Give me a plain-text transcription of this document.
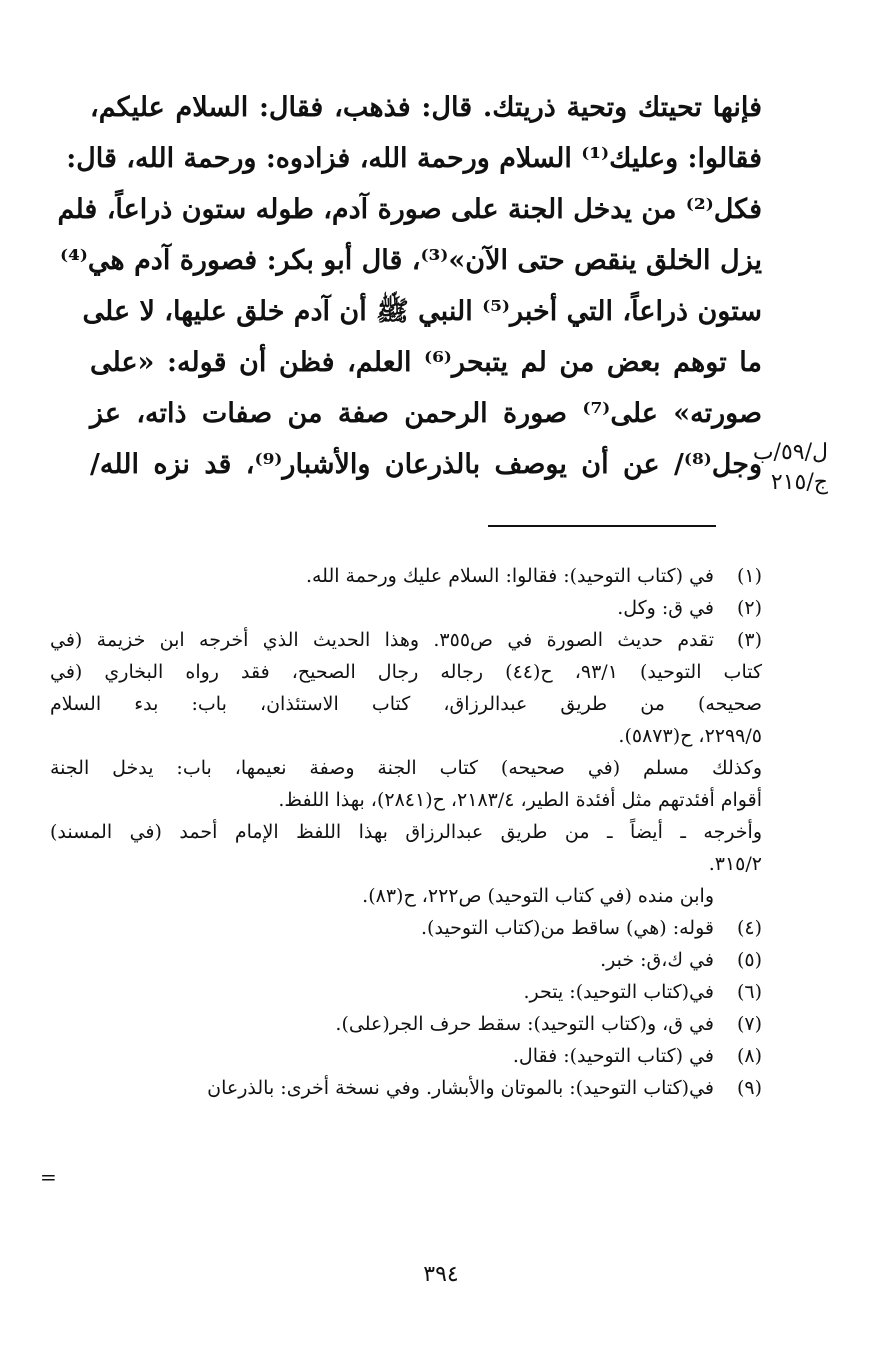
فإنها تحيتك وتحية ذريتك. قال: فذهب، فقال: السلام عليكم،
فقالوا: وعليك⁽¹⁾ السلام ورحمة الله، فزادوه: ورحمة الله، قال:
فكل⁽²⁾ من يدخل الجنة على صورة آدم، طوله ستون ذراعاً، فلم
يزل الخلق ينقص حتى الآن»⁽³⁾، قال أبو بكر: فصورة آدم هي⁽⁴⁾
ستون ذراعاً، التي أخبر⁽⁵⁾ النبي ﷺ أن آدم خلق عليها، لا على
ما توهم بعض من لم يتبحر⁽⁶⁾ العلم، فظن أن قوله: «على
صورته» على⁽⁷⁾ صورة الرحمن صفة من صفات ذاته، عز
وجل⁽⁸⁾/ عن أن يوصف بالذرعان والأشبار⁽⁹⁾، قد نزه الله/
ل/٥٩/ب
ج/٢١٥
(١)
في (كتاب التوحيد): فقالوا: السلام عليك ورحمة الله.
(٢)
في ق: وكل.
(٣)
تقدم حديث الصورة في ص٣٥٥. وهذا الحديث الذي أخرجه ابن خزيمة (في
كتاب التوحيد) ٩٣/١، ح(٤٤) رجاله رجال الصحيح، فقد رواه البخاري (في
صحيحه) من طريق عبدالرزاق، كتاب الاستئذان، باب: بدء السلام
٢٢٩٩/٥، ح(٥٨٧٣).
وكذلك مسلم (في صحيحه) كتاب الجنة وصفة نعيمها، باب: يدخل الجنة
أقوام أفئدتهم مثل أفئدة الطير، ٢١٨٣/٤، ح(٢٨٤١)، بهذا اللفظ.
وأخرجه ـ أيضاً ـ من طريق عبدالرزاق بهذا اللفظ الإمام أحمد (في المسند)
٣١٥/٢.
وابن منده (في كتاب التوحيد) ص٢٢٢، ح(٨٣).
(٤)
قوله: (هي) ساقط من(كتاب التوحيد).
(٥)
في ك،ق: خبر.
(٦)
في(كتاب التوحيد): يتحر.
(٧)
في ق، و(كتاب التوحيد): سقط حرف الجر(على).
(٨)
في (كتاب التوحيد): فقال.
(٩)
في(كتاب التوحيد): بالموتان والأبشار. وفي نسخة أخرى: بالذرعان
=
٣٩٤
